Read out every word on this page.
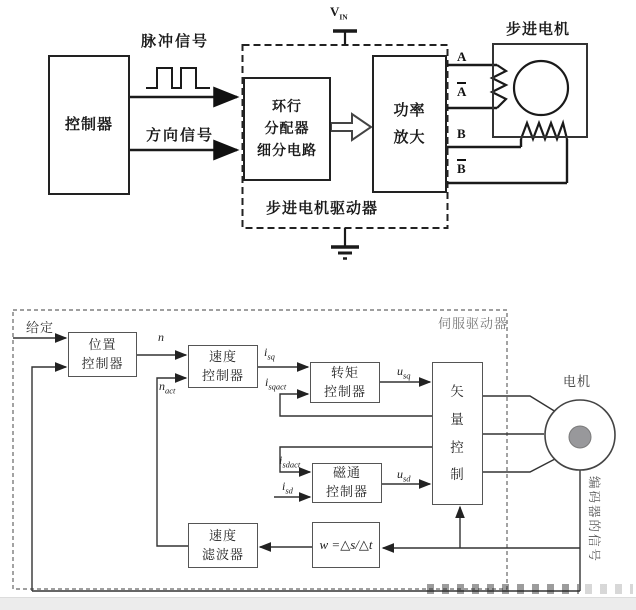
控制器
脉冲信号
方向信号
环行
分配器
细分电路
功率
放大
步进电机驱动器
$V_{IN}$
步进电机
A
A
B
B
伺服驱动器
给定
位置
控制器	速度
控制器	转矩
控制器
磁通
控制器
矢
量
控
制
速度
滤波器
w =△s/△t
电机
编码器的信号
n
$n_{act}$
$i_{sq}$
$i_{sqact}$
$u_{sq}$
$i_{sdact}$
$i_{sd}$
$u_{sd}$
